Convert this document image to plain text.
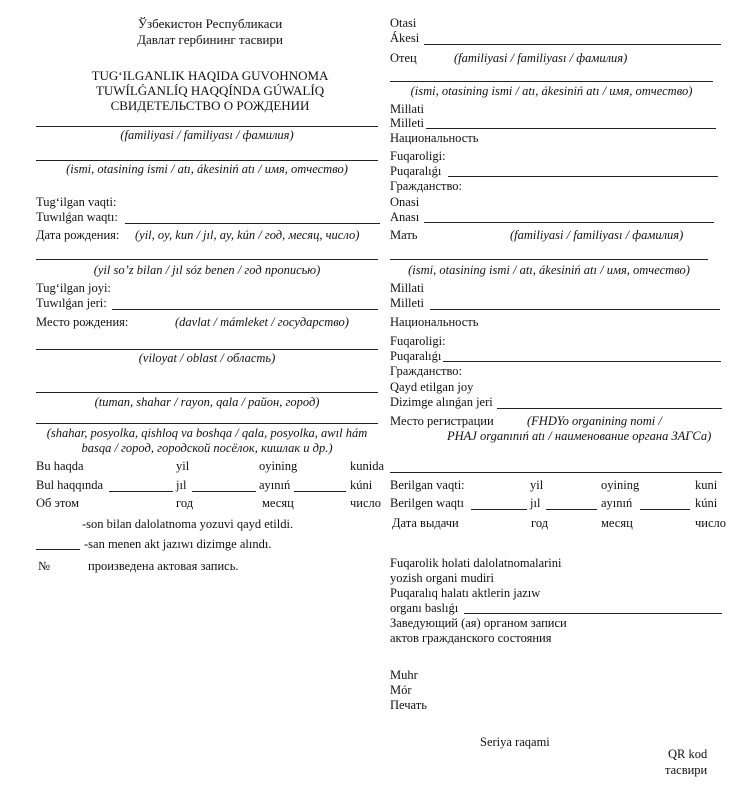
Ўзбекистон Республикаси
Давлат гербининг тасвири
TUG‘ILGANLIK HAQIDA GUVOHNOMA
TUWÍLǴANLÍQ HAQQÍNDA GÚWALÍQ
СВИДЕТЕЛЬСТВО О РОЖДЕНИИ
(familiyasi / familiyası / фамилия)
(ismi, otasining ismi / atı, ákesiniń atı / имя, отчество)
Tug‘ilgan vaqti:
Tuwılǵan waqtı:
Дата рождения: (yil, oy, kun / jıl, ay, kún / год, месяц, число)
(yil so’z bilan / jıl sóz benen / год прописью)
Tug‘ilgan joyi:
Tuwılǵan jeri:
Место рождения:	(davlat / mámleket / государство)
(viloyat / oblast / область)
(tuman, shahar / rayon, qala / район, город)
(shahar, posyolka, qishloq va boshqa / qala, posyolka, awıl hám
basqa / город, городской посёлок, кишлак и др.)
Bu haqda	yil	oyining	kunida
Bul haqqında	jıl	ayınıń	kúni
Об этом	год	месяц	число
-son bilan dalolatnoma yozuvi qayd etildi.
-san menen akt jazıwı dizimge alındı.
№	произведена актовая запись.
Otasi
Ákesi
Отец	(familiyasi / familiyası / фамилия)
(ismi, otasining ismi / atı, ákesiniń atı / имя, отчество)
Millati
Milleti
Национальность
Fuqaroligi:
Puqaralıǵı
Гражданство:
Onasi
Anası
Мать	(familiyasi / familiyası / фамилия)
(ismi, otasining ismi / atı, ákesiniń atı / имя, отчество)
Millati
Milleti
Национальность
Fuqaroligi:
Puqaralıǵı
Гражданство:
Qayd etilgan joy
Dizimge alınǵan jeri
Место регистрации	(FHDYo organining nomi /
PHAJ organınıń atı / наименование органа ЗАГСа)
Berilgan vaqti:	yil	oyining	kuni
Berilgen waqtı	jıl	ayınıń	kúni
Дата выдачи	год	месяц	число
Fuqarolik holati dalolatnomalarini
yozish organi mudiri
Puqaralıq halatı aktlerin jazıw
organı baslıǵı
Заведующий (ая) органом записи
актов гражданского состояния
Muhr
Mór
Печать
Seriya raqami
QR kod
тасвири
